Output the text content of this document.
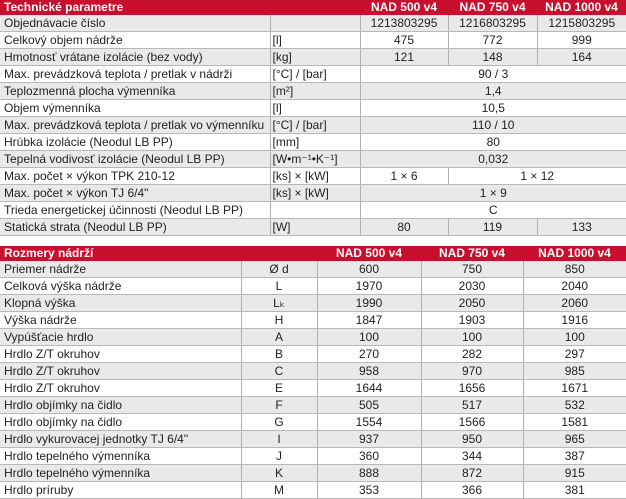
Technické parametre		NAD 500 v4	NAD 750 v4	NAD 1000 v4
Objednávacie číslo		1213803295	1216803295	1215803295
Celkový objem nádrže	[l]	475	772	999
Hmotnosť vrátane izolácie (bez vody)	[kg]	121	148	164
Max. prevádzková teplota / pretlak v nádrži	[°C] / [bar]	90 / 3		
Teplozmenná plocha výmenníka	[m²]	1,4		
Objem výmenníka	[l]	10,5		
Max. prevádzková teplota / pretlak vo výmenníku	[°C] / [bar]	110 / 10		
Hrúbka izolácie (Neodul LB PP)	[mm]	80		
Tepelná vodivosť izolácie (Neodul LB PP)	[W•m⁻¹•K⁻¹]	0,032		
Max. počet × výkon TPK 210-12	[ks] × [kW]	1 × 6	1 × 12	
Max. počet × výkon TJ 6/4"	[ks] × [kW]	1 × 9		
Trieda energetickej účinnosti (Neodul LB PP)		C		
Statická strata (Neodul LB PP)	[W]	80	119	133
Rozmery nádrží		NAD 500 v4	NAD 750 v4	NAD 1000 v4
Priemer nádrže	Ø d	600	750	850
Celková výška nádrže	L	1970	2030	2040
Klopná výška	Lₖ	1990	2050	2060
Výška nádrže	H	1847	1903	1916
Vypúšťacie hrdlo	A	100	100	100
Hrdlo Z/T okruhov	B	270	282	297
Hrdlo Z/T okruhov	C	958	970	985
Hrdlo Z/T okruhov	E	1644	1656	1671
Hrdlo objímky na čidlo	F	505	517	532
Hrdlo objímky na čidlo	G	1554	1566	1581
Hrdlo vykurovacej jednotky TJ 6/4"	I	937	950	965
Hrdlo tepelného výmenníka	J	360	344	387
Hrdlo tepelného výmenníka	K	888	872	915
Hrdlo príruby	M	353	366	381
